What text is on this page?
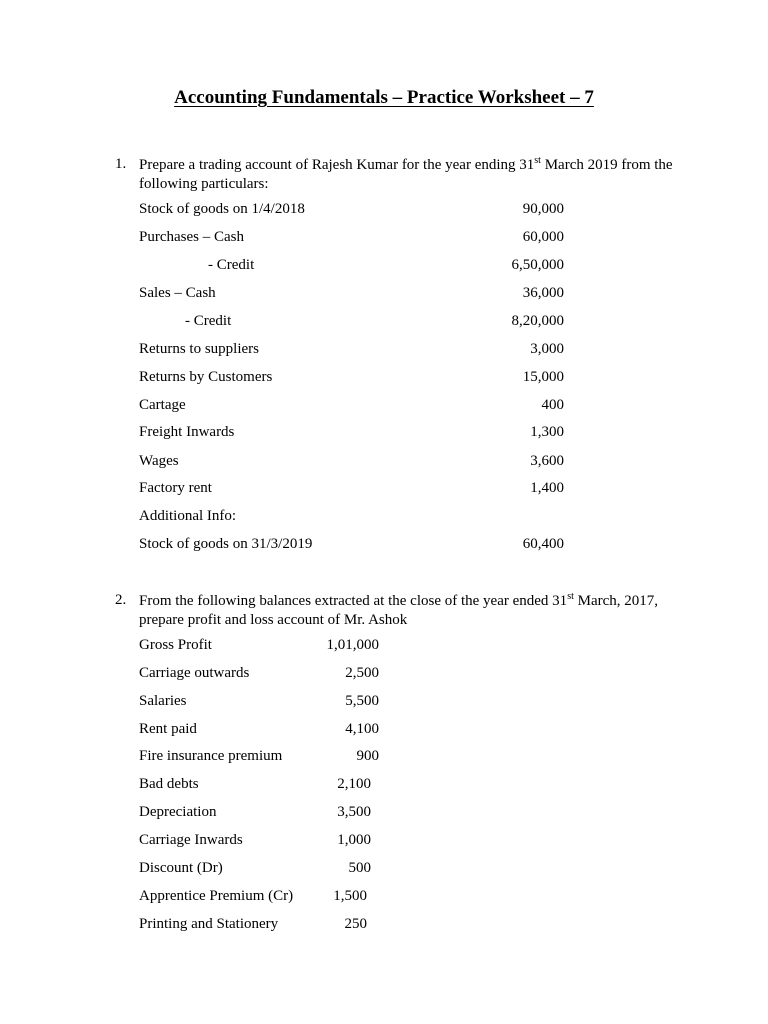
Accounting Fundamentals – Practice Worksheet – 7
1. Prepare a trading account of Rajesh Kumar for the year ending 31st March 2019 from the following particulars:
Stock of goods on 1/4/2018	90,000
Purchases – Cash	60,000
- Credit	6,50,000
Sales – Cash	36,000
- Credit	8,20,000
Returns to suppliers	3,000
Returns by Customers	15,000
Cartage	400
Freight Inwards	1,300
Wages	3,600
Factory rent	1,400
Additional Info:
Stock of goods on 31/3/2019	60,400
2. From the following balances extracted at the close of the year ended 31st March, 2017, prepare profit and loss account of Mr. Ashok
Gross Profit	1,01,000
Carriage outwards	2,500
Salaries	5,500
Rent paid	4,100
Fire insurance premium	900
Bad debts	2,100
Depreciation	3,500
Carriage Inwards	1,000
Discount (Dr)	500
Apprentice Premium (Cr)	1,500
Printing and Stationery	250
